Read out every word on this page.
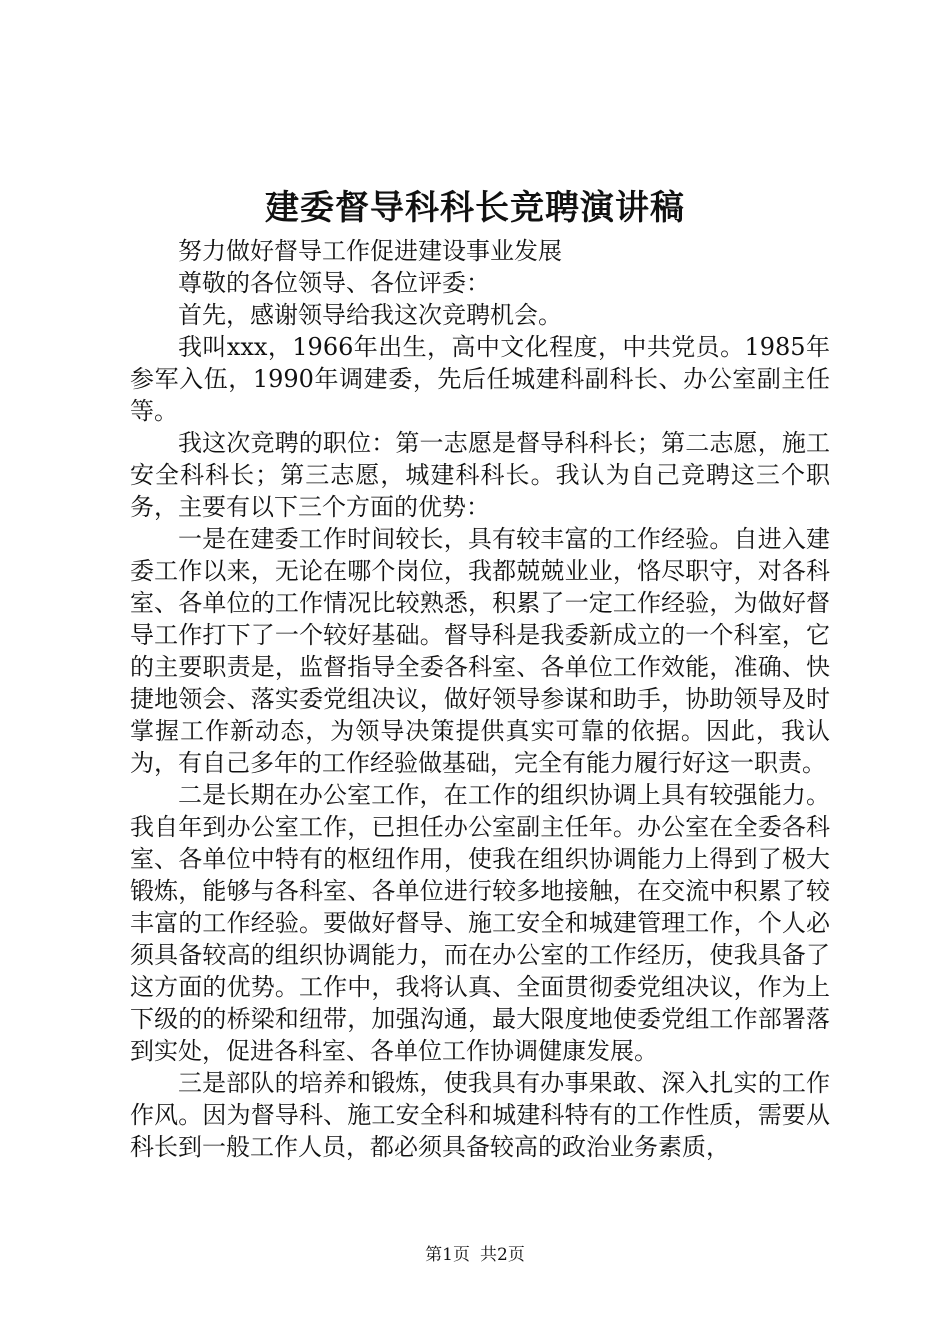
建委督导科科长竞聘演讲稿

努力做好督导工作促进建设事业发展

尊敬的各位领导、各位评委：

首先，感谢领导给我这次竞聘机会。

我叫xxx，1966年出生，高中文化程度，中共党员。1985年参军入伍，1990年调建委，先后任城建科副科长、办公室副主任等。

我这次竞聘的职位：第一志愿是督导科科长；第二志愿，施工安全科科长；第三志愿，城建科科长。我认为自己竞聘这三个职务，主要有以下三个方面的优势：

一是在建委工作时间较长，具有较丰富的工作经验。自进入建委工作以来，无论在哪个岗位，我都兢兢业业，恪尽职守，对各科室、各单位的工作情况比较熟悉，积累了一定工作经验，为做好督导工作打下了一个较好基础。督导科是我委新成立的一个科室，它的主要职责是，监督指导全委各科室、各单位工作效能，准确、快捷地领会、落实委党组决议，做好领导参谋和助手，协助领导及时掌握工作新动态，为领导决策提供真实可靠的依据。因此，我认为，有自己多年的工作经验做基础，完全有能力履行好这一职责。

二是长期在办公室工作，在工作的组织协调上具有较强能力。我自年到办公室工作，已担任办公室副主任年。办公室在全委各科室、各单位中特有的枢纽作用，使我在组织协调能力上得到了极大锻炼，能够与各科室、各单位进行较多地接触，在交流中积累了较丰富的工作经验。要做好督导、施工安全和城建管理工作，个人必须具备较高的组织协调能力，而在办公室的工作经历，使我具备了这方面的优势。工作中，我将认真、全面贯彻委党组决议，作为上下级的的桥梁和纽带，加强沟通，最大限度地使委党组工作部署落到实处，促进各科室、各单位工作协调健康发展。

三是部队的培养和锻炼，使我具有办事果敢、深入扎实的工作作风。因为督导科、施工安全科和城建科特有的工作性质，需要从科长到一般工作人员，都必须具备较高的政治业务素质，

第1页 共2页
